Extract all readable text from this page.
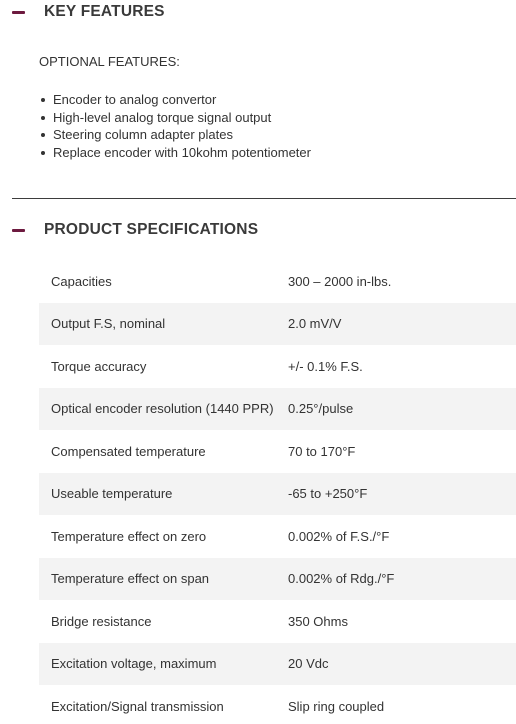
KEY FEATURES
OPTIONAL FEATURES:
Encoder to analog convertor
High-level analog torque signal output
Steering column adapter plates
Replace encoder with 10kohm potentiometer
PRODUCT SPECIFICATIONS
Capacities	300 – 2000 in-lbs.
Output F.S, nominal	2.0 mV/V
Torque accuracy	+/- 0.1% F.S.
Optical encoder resolution (1440 PPR)	0.25°/pulse
Compensated temperature	70 to 170°F
Useable temperature	-65 to +250°F
Temperature effect on zero	0.002% of F.S./°F
Temperature effect on span	0.002% of Rdg./°F
Bridge resistance	350 Ohms
Excitation voltage, maximum	20 Vdc
Excitation/Signal transmission	Slip ring coupled
